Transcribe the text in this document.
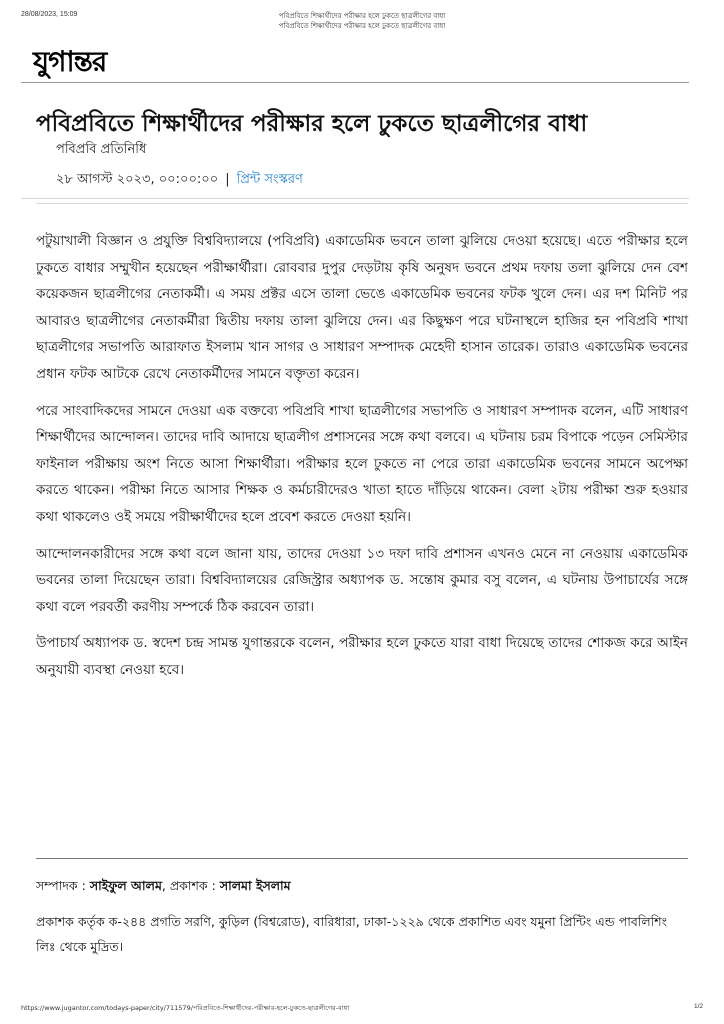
28/08/2023, 15:09	পবিপ্রবিতে শিক্ষার্থীদের পরীক্ষার হলে ঢুকতে ছাত্রলীগের বাধা
পবিপ্রবিতে শিক্ষার্থীদের পরীক্ষার হলে ঢুকতে ছাত্রলীগের বাধা
যুগান্তর
পবিপ্রবিতে শিক্ষার্থীদের পরীক্ষার হলে ঢুকতে ছাত্রলীগের বাধা
পবিপ্রবি প্রতিনিধি
২৮ আগস্ট ২০২৩, ০০:০০:০০ | প্রিন্ট সংস্করণ

পটুয়াখালী বিজ্ঞান ও প্রযুক্তি বিশ্ববিদ্যালয়ে (পবিপ্রবি) একাডেমিক ভবনে তালা ঝুলিয়ে দেওয়া হয়েছে। এতে পরীক্ষার হলে ঢুকতে বাধার সম্মুখীন হয়েছেন পরীক্ষার্থীরা। রোববার দুপুর দেড়টায় কৃষি অনুষদ ভবনে প্রথম দফায় তলা ঝুলিয়ে দেন বেশ কয়েকজন ছাত্রলীগের নেতাকর্মী। এ সময় প্রক্টর এসে তালা ভেঙে একাডেমিক ভবনের ফটক খুলে দেন। এর দশ মিনিট পর আবারও ছাত্রলীগের নেতাকর্মীরা দ্বিতীয় দফায় তালা ঝুলিয়ে দেন। এর কিছুক্ষণ পরে ঘটনাস্থলে হাজির হন পবিপ্রবি শাখা ছাত্রলীগের সভাপতি আরাফাত ইসলাম খান সাগর ও সাধারণ সম্পাদক মেহেদী হাসান তারেক। তারাও একাডেমিক ভবনের প্রধান ফটক আটকে রেখে নেতাকর্মীদের সামনে বক্তৃতা করেন।

পরে সাংবাদিকদের সামনে দেওয়া এক বক্তব্যে পবিপ্রবি শাখা ছাত্রলীগের সভাপতি ও সাধারণ সম্পাদক বলেন, এটি সাধারণ শিক্ষার্থীদের আন্দোলন। তাদের দাবি আদায়ে ছাত্রলীগ প্রশাসনের সঙ্গে কথা বলবে। এ ঘটনায় চরম বিপাকে পড়েন সেমিস্টার ফাইনাল পরীক্ষায় অংশ নিতে আসা শিক্ষার্থীরা। পরীক্ষার হলে ঢুকতে না পেরে তারা একাডেমিক ভবনের সামনে অপেক্ষা করতে থাকেন। পরীক্ষা নিতে আসার শিক্ষক ও কর্মচারীদেরও খাতা হাতে দাঁড়িয়ে থাকেন। বেলা ২টায় পরীক্ষা শুরু হওয়ার কথা থাকলেও ওই সময়ে পরীক্ষার্থীদের হলে প্রবেশ করতে দেওয়া হয়নি।

আন্দোলনকারীদের সঙ্গে কথা বলে জানা যায়, তাদের দেওয়া ১৩ দফা দাবি প্রশাসন এখনও মেনে না নেওয়ায় একাডেমিক ভবনের তালা দিয়েছেন তারা। বিশ্ববিদ্যালয়ের রেজিস্ট্রার অধ্যাপক ড. সন্তোষ কুমার বসু বলেন, এ ঘটনায় উপাচার্যের সঙ্গে কথা বলে পরবর্তী করণীয় সম্পর্কে ঠিক করবেন তারা।

উপাচার্য অধ্যাপক ড. স্বদেশ চন্দ্র সামন্ত যুগান্তরকে বলেন, পরীক্ষার হলে ঢুকতে যারা বাধা দিয়েছে তাদের শোকজ করে আইন অনুযায়ী ব্যবস্থা নেওয়া হবে।

সম্পাদক : সাইফুল আলম, প্রকাশক : সালমা ইসলাম
প্রকাশক কর্তৃক ক-২৪৪ প্রগতি সরণি, কুড়িল (বিশ্বরোড), বারিধারা, ঢাকা-১২২৯ থেকে প্রকাশিত এবং যমুনা প্রিন্টিং এন্ড পাবলিশিং লিঃ থেকে মুদ্রিত।
https://www.jugantor.com/todays-paper/city/711579/পবিপ্রবিতে-শিক্ষার্থীদের-পরীক্ষার-হলে-ঢুকতে-ছাত্রলীগের-বাধা	1/2
